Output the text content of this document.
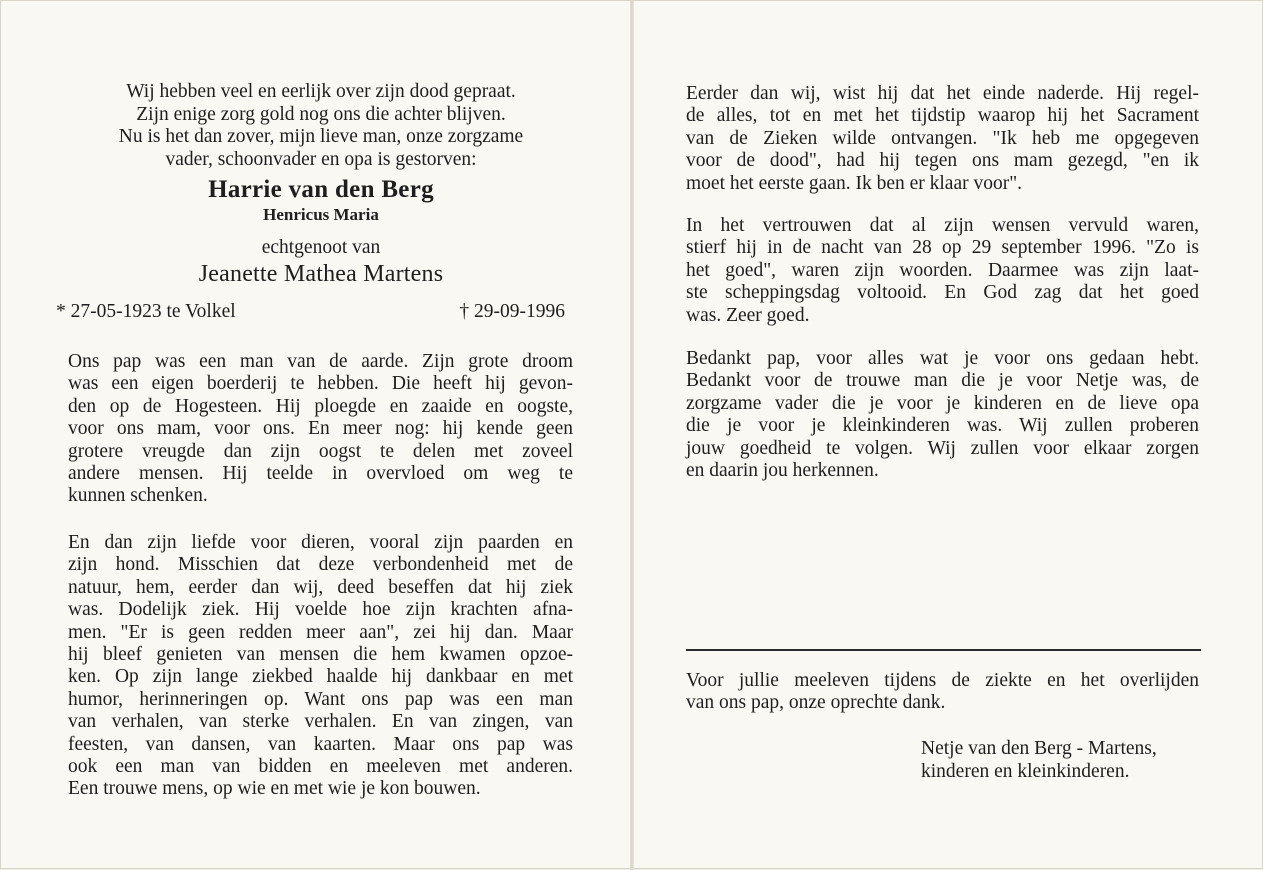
Wij hebben veel en eerlijk over zijn dood gepraat.
Zijn enige zorg gold nog ons die achter blijven.
Nu is het dan zover, mijn lieve man, onze zorgzame
vader, schoonvader en opa is gestorven:
Harrie van den Berg
Henricus Maria
echtgenoot van
Jeanette Mathea Martens
* 27-05-1923 te Volkel	† 29-09-1996
Ons pap was een man van de aarde. Zijn grote droom
was een eigen boerderij te hebben. Die heeft hij gevon-
den op de Hogesteen. Hij ploegde en zaaide en oogste,
voor ons mam, voor ons. En meer nog: hij kende geen
grotere vreugde dan zijn oogst te delen met zoveel
andere mensen. Hij teelde in overvloed om weg te
kunnen schenken.
En dan zijn liefde voor dieren, vooral zijn paarden en
zijn hond. Misschien dat deze verbondenheid met de
natuur, hem, eerder dan wij, deed beseffen dat hij ziek
was. Dodelijk ziek. Hij voelde hoe zijn krachten afna-
men. "Er is geen redden meer aan", zei hij dan. Maar
hij bleef genieten van mensen die hem kwamen opzoe-
ken. Op zijn lange ziekbed haalde hij dankbaar en met
humor, herinneringen op. Want ons pap was een man
van verhalen, van sterke verhalen. En van zingen, van
feesten, van dansen, van kaarten. Maar ons pap was
ook een man van bidden en meeleven met anderen.
Een trouwe mens, op wie en met wie je kon bouwen.
Eerder dan wij, wist hij dat het einde naderde. Hij regel-
de alles, tot en met het tijdstip waarop hij het Sacrament
van de Zieken wilde ontvangen. "Ik heb me opgegeven
voor de dood", had hij tegen ons mam gezegd, "en ik
moet het eerste gaan. Ik ben er klaar voor".
In het vertrouwen dat al zijn wensen vervuld waren,
stierf hij in de nacht van 28 op 29 september 1996. "Zo is
het goed", waren zijn woorden. Daarmee was zijn laat-
ste scheppingsdag voltooid. En God zag dat het goed
was. Zeer goed.
Bedankt pap, voor alles wat je voor ons gedaan hebt.
Bedankt voor de trouwe man die je voor Netje was, de
zorgzame vader die je voor je kinderen en de lieve opa
die je voor je kleinkinderen was. Wij zullen proberen
jouw goedheid te volgen. Wij zullen voor elkaar zorgen
en daarin jou herkennen.
Voor jullie meeleven tijdens de ziekte en het overlijden
van ons pap, onze oprechte dank.
Netje van den Berg - Martens,
kinderen en kleinkinderen.
